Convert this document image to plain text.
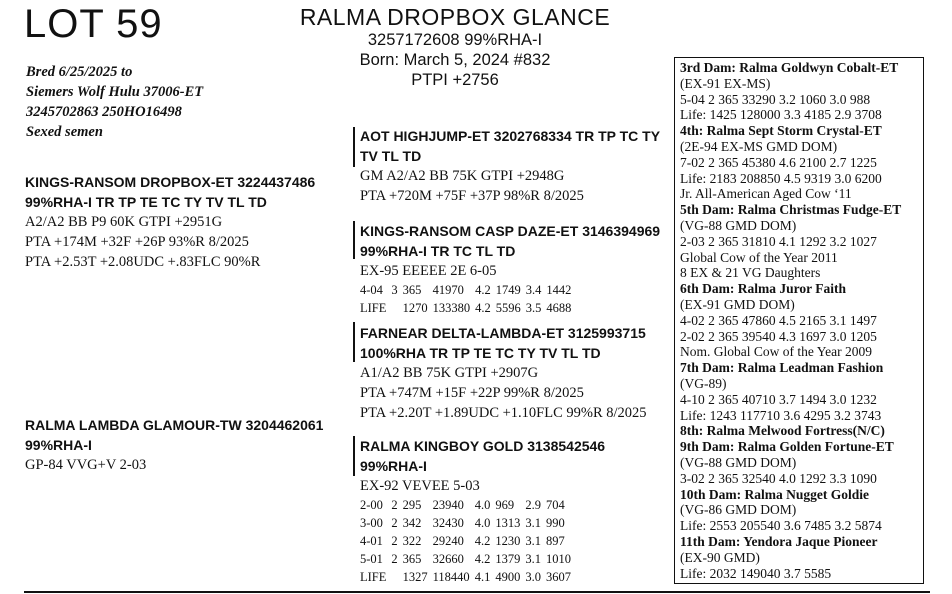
LOT 59	RALMA DROPBOX GLANCE
3257172608 99%RHA-I
Born: March 5, 2024 #832
PTPI +2756
Bred 6/25/2025 to
Siemers Wolf Hulu 37006-ET
3245702863 250HO16498
Sexed semen
KINGS-RANSOM DROPBOX-ET 3224437486
99%RHA-I TR TP TE TC TY TV TL TD
A2/A2 BB P9 60K GTPI +2951G
PTA +174M +32F +26P 93%R 8/2025
PTA +2.53T +2.08UDC +.83FLC 90%R
RALMA LAMBDA GLAMOUR-TW 3204462061
99%RHA-I
GP-84 VVG+V 2-03
AOT HIGHJUMP-ET 3202768334 TR TP TC TY
TV TL TD
GM A2/A2 BB 75K GTPI +2948G
PTA +720M +75F +37P 98%R 8/2025
KINGS-RANSOM CASP DAZE-ET 3146394969
99%RHA-I TR TC TL TD
EX-95 EEEEE 2E 6-05
4-04	3	365	41970	4.2	1749	3.4	1442
LIFE		1270	133380	4.2	5596	3.5	4688
FARNEAR DELTA-LAMBDA-ET 3125993715
100%RHA TR TP TE TC TY TV TL TD
A1/A2 BB 75K GTPI +2907G
PTA +747M +15F +22P 99%R 8/2025
PTA +2.20T +1.89UDC +1.10FLC 99%R 8/2025
RALMA KINGBOY GOLD 3138542546
99%RHA-I
EX-92 VEVEE 5-03
2-00	2	295	23940	4.0	969	2.9	704
3-00	2	342	32430	4.0	1313	3.1	990
4-01	2	322	29240	4.2	1230	3.1	897
5-01	2	365	32660	4.2	1379	3.1	1010
LIFE		1327	118440	4.1	4900	3.0	3607
3rd Dam: Ralma Goldwyn Cobalt-ET
(EX-91 EX-MS)
5-04 2 365 33290 3.2 1060 3.0 988
Life: 1425 128000 3.3 4185 2.9 3708
4th: Ralma Sept Storm Crystal-ET
(2E-94 EX-MS GMD DOM)
7-02 2 365 45380 4.6 2100 2.7 1225
Life: 2183 208850 4.5 9319 3.0 6200
Jr. All-American Aged Cow ‘11
5th Dam: Ralma Christmas Fudge-ET
(VG-88 GMD DOM)
2-03 2 365 31810 4.1 1292 3.2 1027
Global Cow of the Year 2011
8 EX & 21 VG Daughters
6th Dam: Ralma Juror Faith
(EX-91 GMD DOM)
4-02 2 365 47860 4.5 2165 3.1 1497
2-02 2 365 39540 4.3 1697 3.0 1205
Nom. Global Cow of the Year 2009
7th Dam: Ralma Leadman Fashion
(VG-89)
4-10 2 365 40710 3.7 1494 3.0 1232
Life: 1243 117710 3.6 4295 3.2 3743
8th: Ralma Melwood Fortress(N/C)
9th Dam: Ralma Golden Fortune-ET
(VG-88 GMD DOM)
3-02 2 365 32540 4.0 1292 3.3 1090
10th Dam: Ralma Nugget Goldie
(VG-86 GMD DOM)
Life: 2553 205540 3.6 7485 3.2 5874
11th Dam: Yendora Jaque Pioneer
(EX-90 GMD)
Life: 2032 149040 3.7 5585
